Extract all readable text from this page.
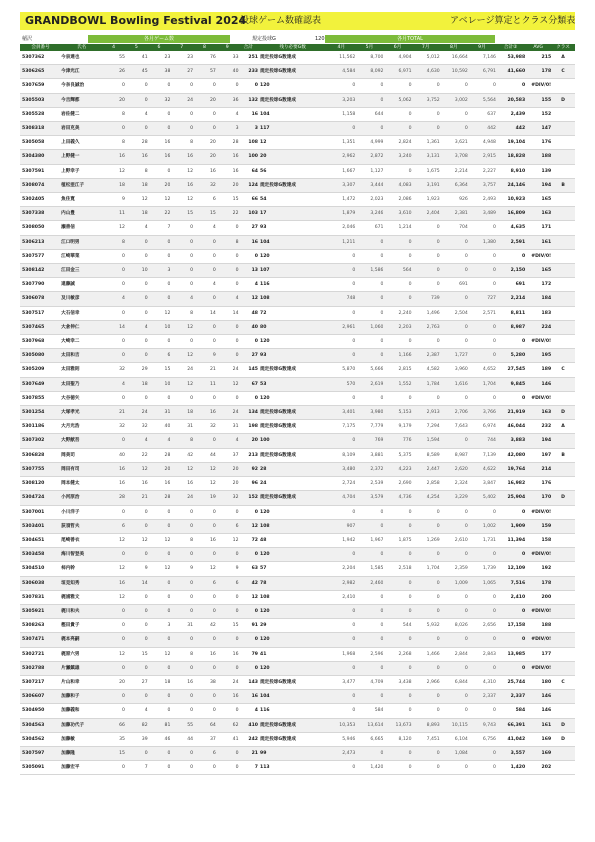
GRANDBOWL Bowling Festival 2024
投球ゲーム数確認表	アベレージ算定とクラス分類表
稲沢	規定投球G	120
各月ゲーム数	各月TOTAL
会員番号	氏名	4	5	6	7	8	9	合計	残り必要G数	4月	5月	6月	7月	8月	9月	合計②	AVG	クラス
5307362	今泉達也	55	41	23	23	76	33	251	規定投球G数達成	11,562	8,700	4,904	5,012	16,664	7,146	53,988	215	A
5306265	今津光江	26	45	38	27	57	40	233	規定投球G数達成	4,584	8,092	6,971	4,630	10,592	6,791	41,660	178	C
5307659	今奈良誠治	0	0	0	0	0	0	0	120	0	0	0	0	0	0	0	#DIV/0!	
5305503	今吉輝都	20	0	32	24	20	36	132	規定投球G数達成	3,203	0	5,062	3,752	3,002	5,564	20,583	155	D
5305528	岩佐健二	8	4	0	0	0	4	16	104	1,158	644	0	0	0	637	2,439	152	
5308318	岩田克美	0	0	0	0	0	3	3	117	0	0	0	0	0	442	442	147	
5305058	上田義久	8	28	16	8	20	28	108	12	1,351	4,999	2,824	1,361	3,621	4,948	19,104	176	
5304380	上野健一	16	16	16	16	20	16	100	20	2,962	2,872	3,240	3,131	3,708	2,915	18,828	188	
5307591	上野幸子	12	8	0	12	16	16	64	56	1,667	1,127	0	1,675	2,214	2,227	8,910	139	
5308074	植松亜江子	18	18	20	16	32	20	124	規定投球G数達成	3,307	3,444	4,083	3,191	6,364	3,757	24,146	194	B
5302405	魚住寛	9	12	12	12	6	15	66	54	1,472	2,023	2,086	1,923	926	2,493	10,923	165	
5307338	内山豊	11	18	22	15	15	22	103	17	1,879	3,246	3,610	2,404	2,381	3,489	16,809	163	
5308050	瀬善信	12	4	7	0	4	0	27	93	2,046	671	1,214	0	704	0	4,635	171	
5306213	江口明男	8	0	0	0	0	8	16	104	1,211	0	0	0	0	1,380	2,591	161	
5307577	江崎華菜	0	0	0	0	0	0	0	120	0	0	0	0	0	0	0	#DIV/0!	
5308142	江田金三	0	10	3	0	0	0	13	107	0	1,586	564	0	0	0	2,150	165	
5307790	遠藤誠	0	0	0	0	4	0	4	116	0	0	0	0	691	0	691	172	
5306078	及川敏彦	4	0	0	4	0	4	12	108	748	0	0	739	0	727	2,214	184	
5307517	大石信幸	0	0	12	8	14	14	48	72	0	0	2,240	1,496	2,504	2,571	8,811	183	
5307465	大倉伸仁	14	4	10	12	0	0	40	80	2,961	1,060	2,203	2,763	0	0	8,987	224	
5307968	大崎幸二	0	0	0	0	0	0	0	120	0	0	0	0	0	0	0	#DIV/0!	
5305080	太田和吉	0	0	6	12	9	0	27	93	0	0	1,166	2,387	1,727	0	5,280	195	
5305209	太田雅則	32	29	15	24	21	24	145	規定投球G数達成	5,870	5,666	2,815	4,582	3,960	4,652	27,545	189	C
5307649	太田聖乃	4	18	10	12	11	12	67	53	570	2,619	1,552	1,784	1,616	1,704	9,845	146	
5307855	大谷徳矢	0	0	0	0	0	0	0	120	0	0	0	0	0	0	0	#DIV/0!	
5301254	大塚孝光	21	24	31	18	16	24	134	規定投球G数達成	3,401	3,980	5,153	2,913	2,706	3,766	21,919	163	D
5301186	大月光浩	32	32	40	31	32	31	198	規定投球G数達成	7,175	7,779	9,179	7,294	7,643	6,974	46,044	232	A
5307302	大野献吾	0	4	4	8	0	4	20	100	0	769	776	1,594	0	744	3,883	194	
5306828	岡美司	40	22	28	42	44	37	213	規定投球G数達成	8,109	3,881	5,375	8,589	8,987	7,139	42,080	197	B
5307755	岡田有司	16	12	20	12	12	20	92	28	3,480	2,372	4,223	2,447	2,620	4,622	19,764	214	
5308120	岡本健太	16	16	16	16	12	20	96	24	2,724	2,539	2,690	2,858	2,324	3,847	16,982	176	
5304724	小河原治	28	21	28	24	19	32	152	規定投球G数達成	4,704	3,579	4,736	4,254	3,229	5,402	25,904	170	D
5307001	小川洋子	0	0	0	0	0	0	0	120	0	0	0	0	0	0	0	#DIV/0!	
5303401	荻須哲夫	6	0	0	0	0	6	12	108	907	0	0	0	0	1,002	1,909	159	
5304651	尾崎善衣	12	12	12	8	16	12	72	48	1,942	1,967	1,875	1,269	2,610	1,731	11,394	158	
5303458	海川智登美	0	0	0	0	0	0	0	120	0	0	0	0	0	0	0	#DIV/0!	
5304510	柿内幹	12	9	12	9	12	9	63	57	2,204	1,585	2,518	1,704	2,359	1,739	12,109	192	
5306038	垣見知秀	16	14	0	0	6	6	42	78	2,982	2,460	0	0	1,009	1,065	7,516	178	
5307831	梶浦雅文	12	0	0	0	0	0	12	108	2,410	0	0	0	0	0	2,410	200	
5305921	梶川和夫	0	0	0	0	0	0	0	120	0	0	0	0	0	0	0	#DIV/0!	
5308263	樫田貴子	0	0	3	31	42	15	91	29	0	0	544	5,932	8,026	2,656	17,158	188	
5307471	梶本亮嗣	0	0	0	0	0	0	0	120	0	0	0	0	0	0	0	#DIV/0!	
5302721	梶原六男	12	15	12	8	16	16	79	41	1,968	2,596	2,268	1,466	2,844	2,843	13,985	177	
5302788	片瀬鎮雄	0	0	0	0	0	0	0	120	0	0	0	0	0	0	0	#DIV/0!	
5307217	片山和幸	20	27	18	16	38	24	143	規定投球G数達成	3,477	4,709	3,438	2,966	6,844	4,310	25,744	180	C
5306607	加藤和子	0	0	0	0	0	16	16	104	0	0	0	0	0	2,337	2,337	146	
5304950	加藤義和	0	4	0	0	0	0	4	116	0	584	0	0	0	0	584	146	
5304563	加藤功代子	66	82	81	55	64	62	410	規定投球G数達成	10,353	13,614	13,673	8,893	10,115	9,743	66,391	161	D
5304562	加藤敏	35	39	46	44	37	41	242	規定投球G数達成	5,946	6,665	8,120	7,451	6,104	6,756	41,042	169	D
5307597	加藤隆	15	0	0	0	6	0	21	99	2,473	0	0	0	1,084	0	3,557	169	
5305091	加藤宏平	0	7	0	0	0	0	7	113	0	1,420	0	0	0	0	1,420	202	
